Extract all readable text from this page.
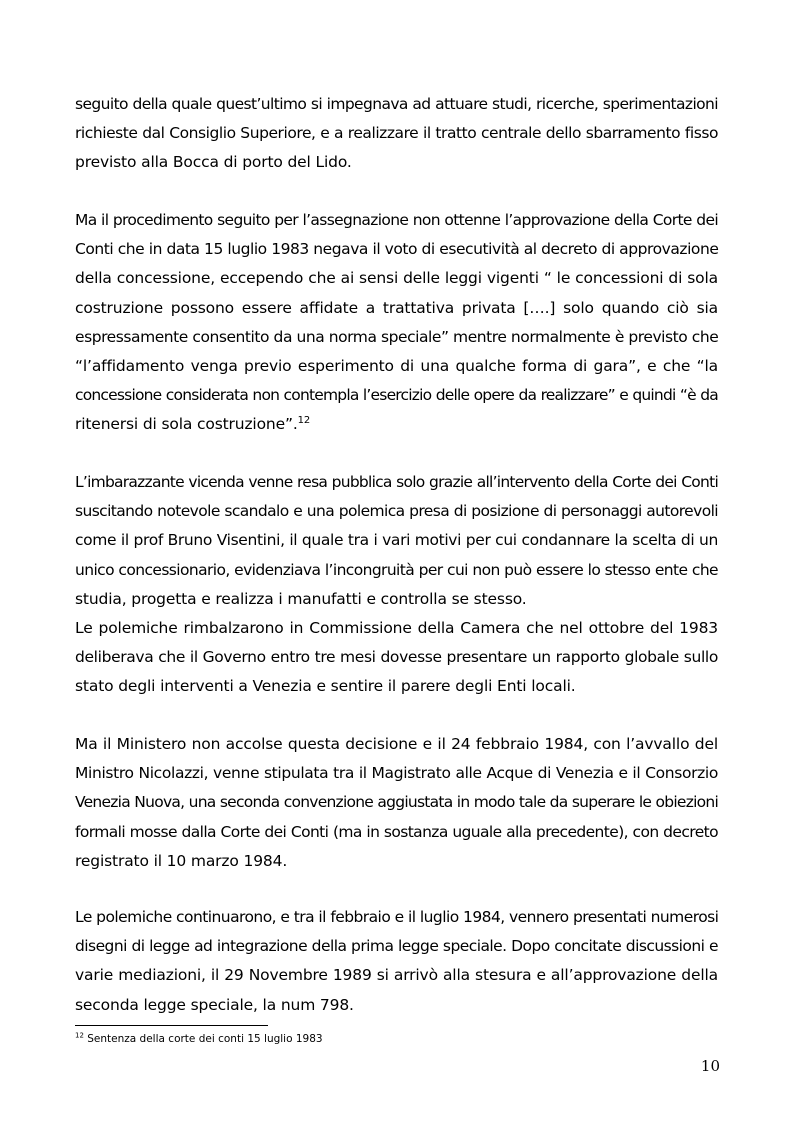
seguito della quale quest’ultimo si impegnava ad attuare studi, ricerche, sperimentazioni
richieste dal Consiglio Superiore, e a realizzare il tratto centrale dello sbarramento fisso
previsto alla Bocca di porto del Lido.
Ma il procedimento seguito per l’assegnazione non ottenne l’approvazione della Corte dei
Conti che in data 15 luglio 1983 negava il voto di esecutività al decreto di approvazione
della concessione, eccependo che ai sensi delle leggi vigenti “ le concessioni di sola
costruzione possono essere affidate a trattativa privata [….] solo quando ciò sia
espressamente consentito da una norma speciale” mentre normalmente è previsto che
“l’affidamento venga previo esperimento di una qualche forma di gara”, e che “la
concessione considerata non contempla l’esercizio delle opere da realizzare” e quindi “è da
ritenersi di sola costruzione”.$^{12}$
L’imbarazzante vicenda venne resa pubblica solo grazie all’intervento della Corte dei Conti
suscitando notevole scandalo e una polemica presa di posizione di personaggi autorevoli
come il prof Bruno Visentini, il quale tra i vari motivi per cui condannare la scelta di un
unico concessionario, evidenziava l’incongruità per cui non può essere lo stesso ente che
studia, progetta e realizza i manufatti e controlla se stesso.
Le polemiche rimbalzarono in Commissione della Camera che nel ottobre del 1983
deliberava che il Governo entro tre mesi dovesse presentare un rapporto globale sullo
stato degli interventi a Venezia e sentire il parere degli Enti locali.
Ma il Ministero non accolse questa decisione e il 24 febbraio 1984, con l’avvallo del
Ministro Nicolazzi, venne stipulata tra il Magistrato alle Acque di Venezia e il Consorzio
Venezia Nuova, una seconda convenzione aggiustata in modo tale da superare le obiezioni
formali mosse dalla Corte dei Conti (ma in sostanza uguale alla precedente), con decreto
registrato il 10 marzo 1984.
Le polemiche continuarono, e tra il febbraio e il luglio 1984, vennero presentati numerosi
disegni di legge ad integrazione della prima legge speciale. Dopo concitate discussioni e
varie mediazioni, il 29 Novembre 1989 si arrivò alla stesura e all’approvazione della
seconda legge speciale, la num 798.
$^{12}$ Sentenza della corte dei conti 15 luglio 1983
10
